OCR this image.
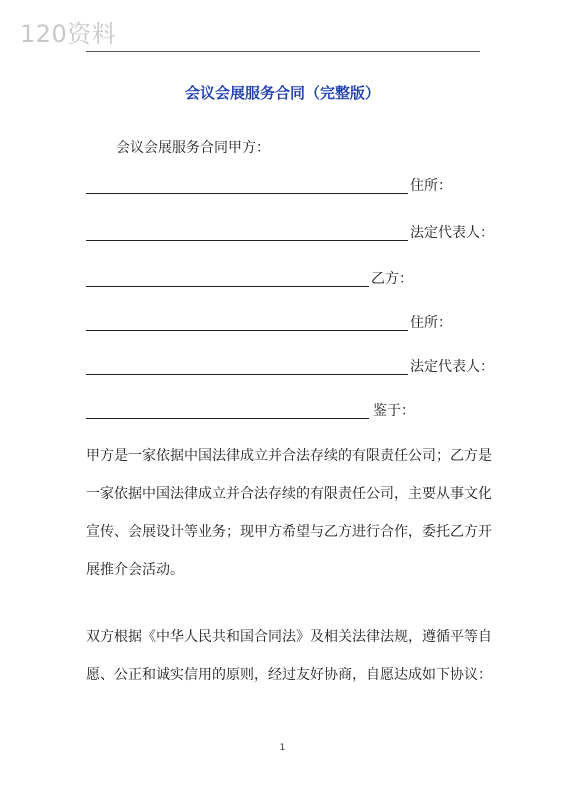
120资料
会议会展服务合同（完整版）
会议会展服务合同甲方：
住所：
法定代表人：
乙方：
住所：
法定代表人：
鉴于：
甲方是一家依据中国法律成立并合法存续的有限责任公司；乙方是
一家依据中国法律成立并合法存续的有限责任公司，主要从事文化
宣传、会展设计等业务；现甲方希望与乙方进行合作，委托乙方开
展推介会活动。
双方根据《中华人民共和国合同法》及相关法律法规，遵循平等自
愿、公正和诚实信用的原则，经过友好协商，自愿达成如下协议：
1
